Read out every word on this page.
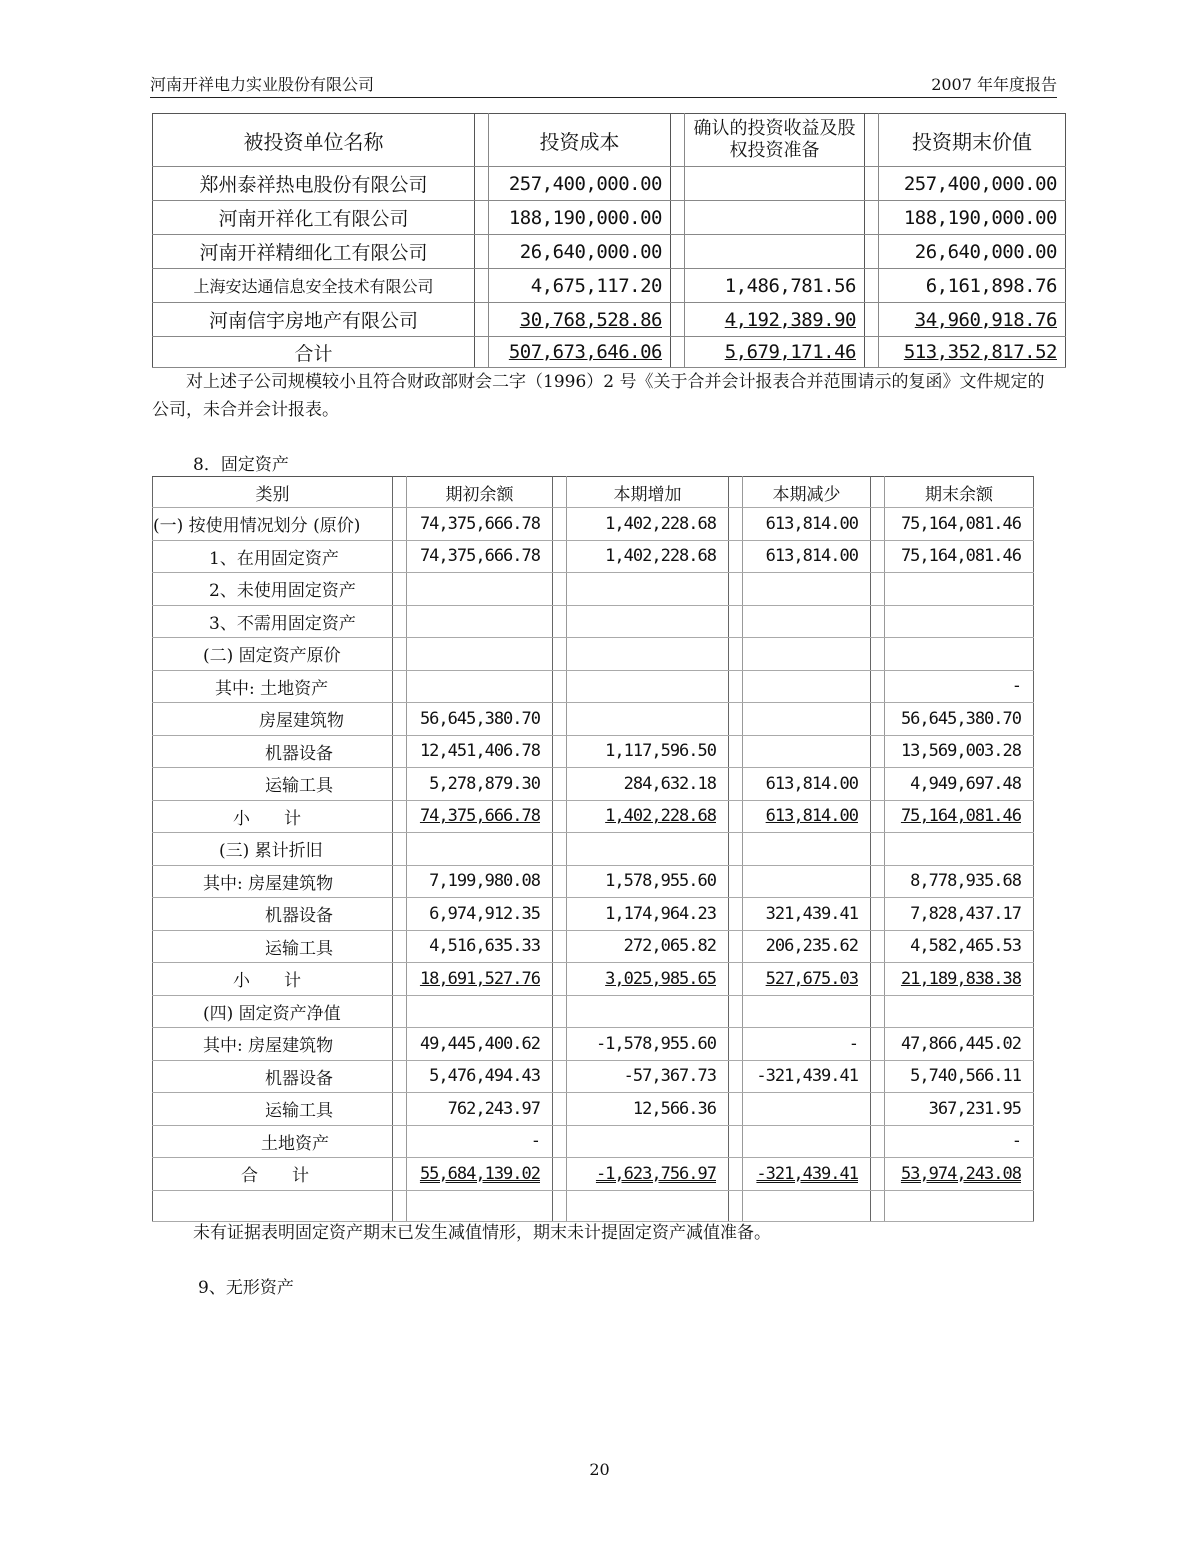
河南开祥电力实业股份有限公司	2007 年年度报告
被投资单位名称		投资成本		确认的投资收益及股权投资准备		投资期末价值
郑州泰祥热电股份有限公司		257,400,000.00				257,400,000.00
河南开祥化工有限公司		188,190,000.00				188,190,000.00
河南开祥精细化工有限公司		26,640,000.00				26,640,000.00
上海安达通信息安全技术有限公司		4,675,117.20		1,486,781.56		6,161,898.76
河南信宇房地产有限公司		30,768,528.86		4,192,389.90		34,960,918.76
合计		507,673,646.06		5,679,171.46		513,352,817.52
对上述子公司规模较小且符合财政部财会二字（1996）2 号《关于合并会计报表合并范围请示的复函》文件规定的公司，未合并会计报表。
8．固定资产
类别		期初余额		本期增加		本期减少		期末余额
(一) 按使用情况划分 (原价)		74,375,666.78		1,402,228.68		613,814.00		75,164,081.46
1、在用固定资产		74,375,666.78		1,402,228.68		613,814.00		75,164,081.46
2、未使用固定资产								
3、不需用固定资产								
(二) 固定资产原价								
其中: 土地资产								-
房屋建筑物		56,645,380.70						56,645,380.70
机器设备		12,451,406.78		1,117,596.50				13,569,003.28
运输工具		5,278,879.30		284,632.18		613,814.00		4,949,697.48
小　　计		74,375,666.78		1,402,228.68		613,814.00		75,164,081.46
(三) 累计折旧								
其中: 房屋建筑物		7,199,980.08		1,578,955.60				8,778,935.68
机器设备		6,974,912.35		1,174,964.23		321,439.41		7,828,437.17
运输工具		4,516,635.33		272,065.82		206,235.62		4,582,465.53
小　　计		18,691,527.76		3,025,985.65		527,675.03		21,189,838.38
(四) 固定资产净值								
其中: 房屋建筑物		49,445,400.62		-1,578,955.60		-		47,866,445.02
机器设备		5,476,494.43		-57,367.73		-321,439.41		5,740,566.11
运输工具		762,243.97		12,566.36				367,231.95
土地资产		-						-
合　　计		55,684,139.02		-1,623,756.97		-321,439.41		53,974,243.08

未有证据表明固定资产期末已发生减值情形，期末未计提固定资产减值准备。
9、无形资产
20
